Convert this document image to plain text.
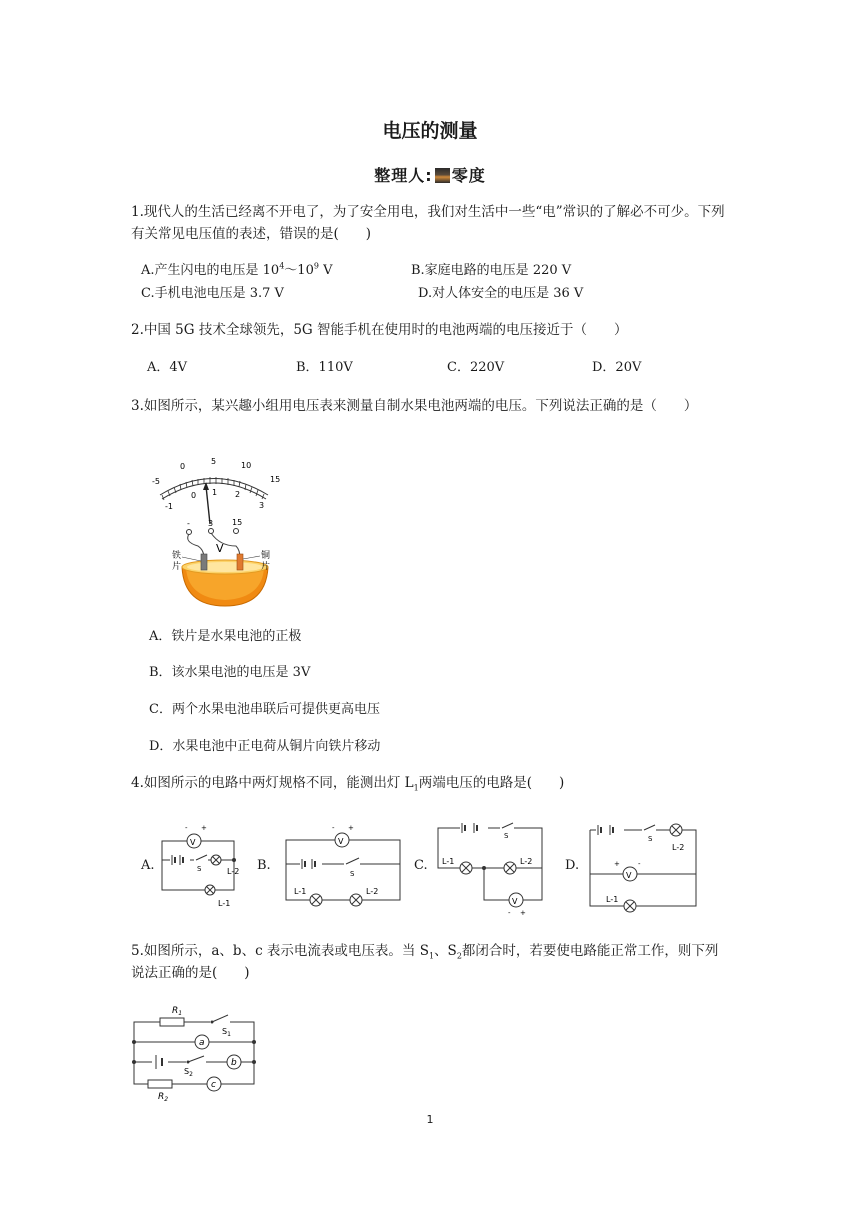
电压的测量
整理人: 零度
1.现代人的生活已经离不开电了，为了安全用电，我们对生活中一些“电”常识的了解必不可少。下列有关常见电压值的表述，错误的是(　　)
A.产生闪电的电压是 $10^4\sim 10^9$ V	B.家庭电路的电压是 220 V
C.手机电池电压是 3.7 V	D.对人体安全的电压是 36 V
2.中国 5G 技术全球领先，5G 智能手机在使用时的电池两端的电压接近于（　　）
A．4V	B．110V	C．220V	D．20V
3.如图所示，某兴趣小组用电压表来测量自制水果电池两端的电压。下列说法正确的是（　　）
-5
0
5	10
15
-1
0 1 2
3
- 3 15
V
铁
片
铜
片
A．铁片是水果电池的正极
B．该水果电池的电压是 3V
C．两个水果电池串联后可提供更高电压
D．水果电池中正电荷从铜片向铁片移动
4.如图所示的电路中两灯规格不同，能测出灯 $L_1$两端电压的电路是(　　)
A.	B.	C.	D.
V
- +
S	L-2
L-1
V
- +
S
L-1	L-2
S
L-1	L-2
V
- +
S
L-2
V
+	-
L-1
5.如图所示，a、b、c 表示电流表或电压表。当 $S_1$、$S_2$都闭合时，若要使电路能正常工作，则下列说法正确的是(　　)
$R_1$
$S_1$
a
$S_2$
b
$R_2$
c
1
